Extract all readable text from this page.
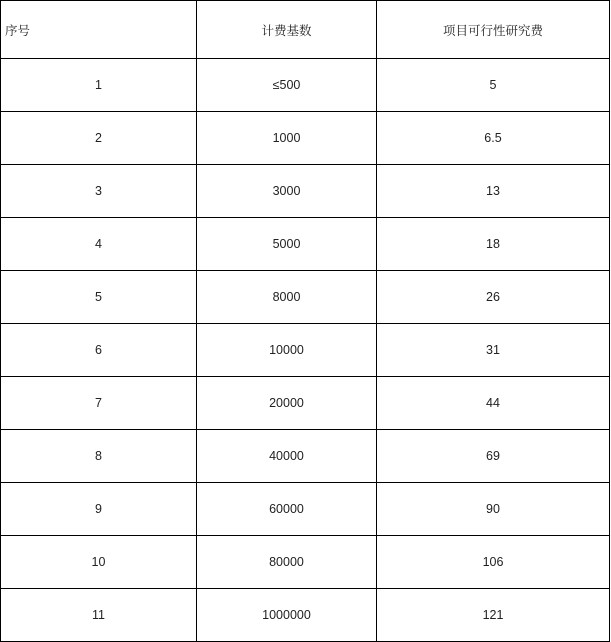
序号	计费基数	项目可行性研究费
1	≤500	5
2	1000	6.5
3	3000	13
4	5000	18
5	8000	26
6	10000	31
7	20000	44
8	40000	69
9	60000	90
10	80000	106
11	1000000	121
